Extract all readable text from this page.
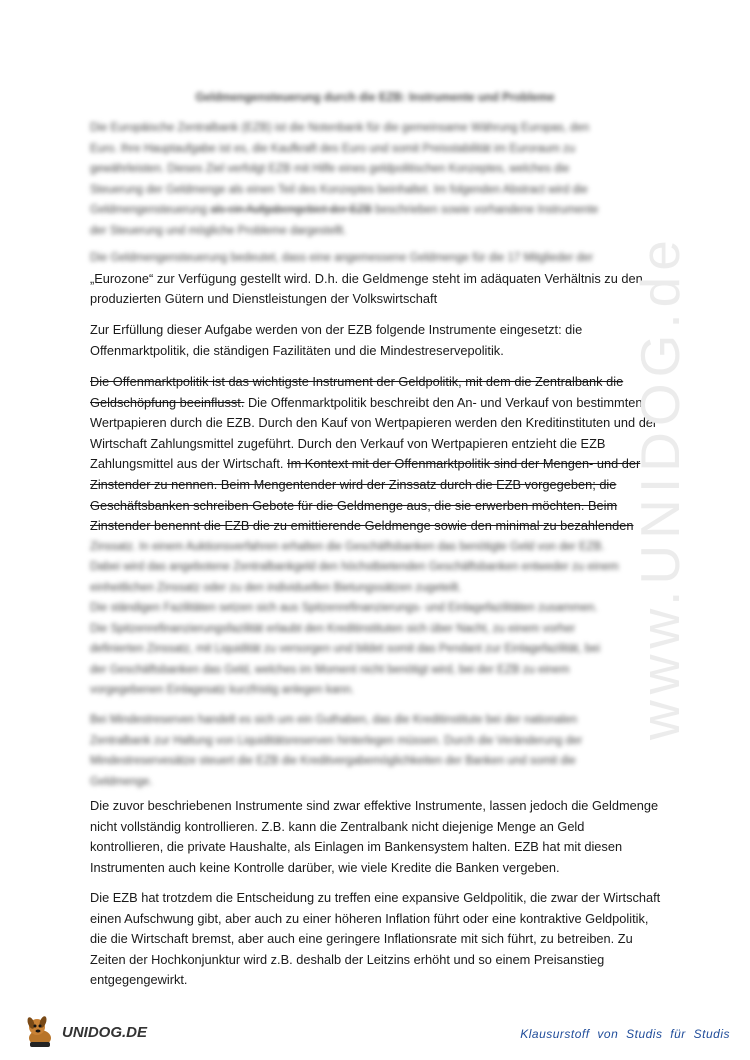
Geldmengensteuerung durch die EZB: Instrumente und Probleme
Die Europäische Zentralbank (EZB) ist die Notenbank für die gemeinsame Währung Europas, den
Euro. Ihre Hauptaufgabe ist es, die Kaufkraft des Euro und somit Preisstabilität im Euroraum zu
gewährleisten. Dieses Ziel verfolgt EZB mit Hilfe eines geldpolitischen Konzeptes, welches die
Steuerung der Geldmenge als einen Teil des Konzeptes beinhaltet. Im folgenden Abstract wird die
Geldmengensteuerung als ein Aufgabengebiet der EZB beschrieben sowie vorhandene Instrumente
der Steuerung und mögliche Probleme dargestellt.
Die Geldmengensteuerung bedeutet, dass eine angemessene Geldmenge für die 17 Mitglieder der
„Eurozone“ zur Verfügung gestellt wird. D.h. die Geldmenge steht im adäquaten Verhältnis zu den
produzierten Gütern und Dienstleistungen der Volkswirtschaft
Zur Erfüllung dieser Aufgabe werden von der EZB folgende Instrumente eingesetzt: die
Offenmarktpolitik, die ständigen Fazilitäten und die Mindestreservepolitik.
Die Offenmarktpolitik ist das wichtigste Instrument der Geldpolitik, mit dem die Zentralbank die
Geldschöpfung beeinflusst. Die Offenmarktpolitik beschreibt den An- und Verkauf von bestimmten
Wertpapieren durch die EZB. Durch den Kauf von Wertpapieren werden den Kreditinstituten und der
Wirtschaft Zahlungsmittel zugeführt. Durch den Verkauf von Wertpapieren entzieht die EZB
Zahlungsmittel aus der Wirtschaft. Im Kontext mit der Offenmarktpolitik sind der Mengen- und der
Zinstender zu nennen. Beim Mengentender wird der Zinssatz durch die EZB vorgegeben; die
Geschäftsbanken schreiben Gebote für die Geldmenge aus, die sie erwerben möchten. Beim
Zinstender benennt die EZB die zu emittierende Geldmenge sowie den minimal zu bezahlenden
Zinssatz. In einem Auktionsverfahren erhalten die Geschäftsbanken das benötigte Geld von der EZB.
Dabei wird das angebotene Zentralbankgeld den höchstbietenden Geschäftsbanken entweder zu einem
einheitlichen Zinssatz oder zu den individuellen Bietungssätzen zugeteilt.
Die ständigen Fazilitäten setzen sich aus Spitzenrefinanzierungs- und Einlagefazilitäten zusammen.
Die Spitzenrefinanzierungsfazilität erlaubt den Kreditinstituten sich über Nacht, zu einem vorher
definierten Zinssatz, mit Liquidität zu versorgen und bildet somit das Pendant zur Einlagefazilität, bei
der Geschäftsbanken das Geld, welches im Moment nicht benötigt wird, bei der EZB zu einem
vorgegebenen Einlagesatz kurzfristig anlegen kann.
Bei Mindestreserven handelt es sich um ein Guthaben, das die Kreditinstitute bei der nationalen
Zentralbank zur Haltung von Liquiditätsreserven hinterlegen müssen. Durch die Veränderung der
Mindestreservesätze steuert die EZB die Kreditvergabemöglichkeiten der Banken und somit die
Geldmenge.
Die zuvor beschriebenen Instrumente sind zwar effektive Instrumente, lassen jedoch die Geldmenge
nicht vollständig kontrollieren. Z.B. kann die Zentralbank nicht diejenige Menge an Geld
kontrollieren, die private Haushalte, als Einlagen im Bankensystem halten. EZB hat mit diesen
Instrumenten auch keine Kontrolle darüber, wie viele Kredite die Banken vergeben.
Die EZB hat trotzdem die Entscheidung zu treffen eine expansive Geldpolitik, die zwar der Wirtschaft
einen Aufschwung gibt, aber auch zu einer höheren Inflation führt oder eine kontraktive Geldpolitik,
die die Wirtschaft bremst, aber auch eine geringere Inflationsrate mit sich führt, zu betreiben. Zu
Zeiten der Hochkonjunktur wird z.B. deshalb der Leitzins erhöht und so einem Preisanstieg
entgegengewirkt.
www.UNIDOG.de
UNIDOG.DE	Klausurstoff von Studis für Studis
